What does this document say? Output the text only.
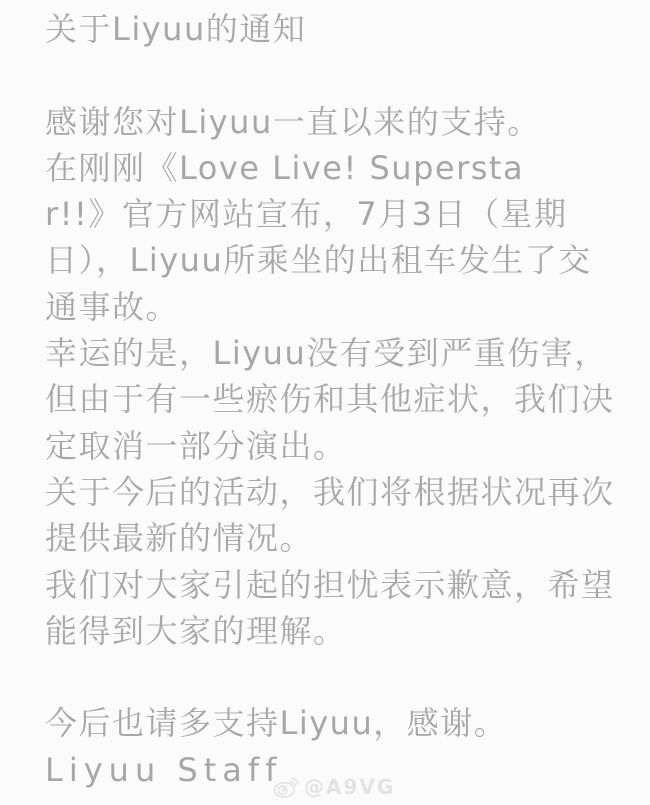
关于Liyuu的通知
感谢您对Liyuu一直以来的支持。
在刚刚《Love Live! Supersta
r!!》官方网站宣布，7月3日（星期
日），Liyuu所乘坐的出租车发生了交
通事故。
幸运的是，Liyuu没有受到严重伤害，
但由于有一些瘀伤和其他症状，我们决
定取消一部分演出。
关于今后的活动，我们将根据状况再次
提供最新的情况。
我们对大家引起的担忧表示歉意，希望
能得到大家的理解。
今后也请多支持Liyuu，感谢。
Liyuu Staff	@A9VG
